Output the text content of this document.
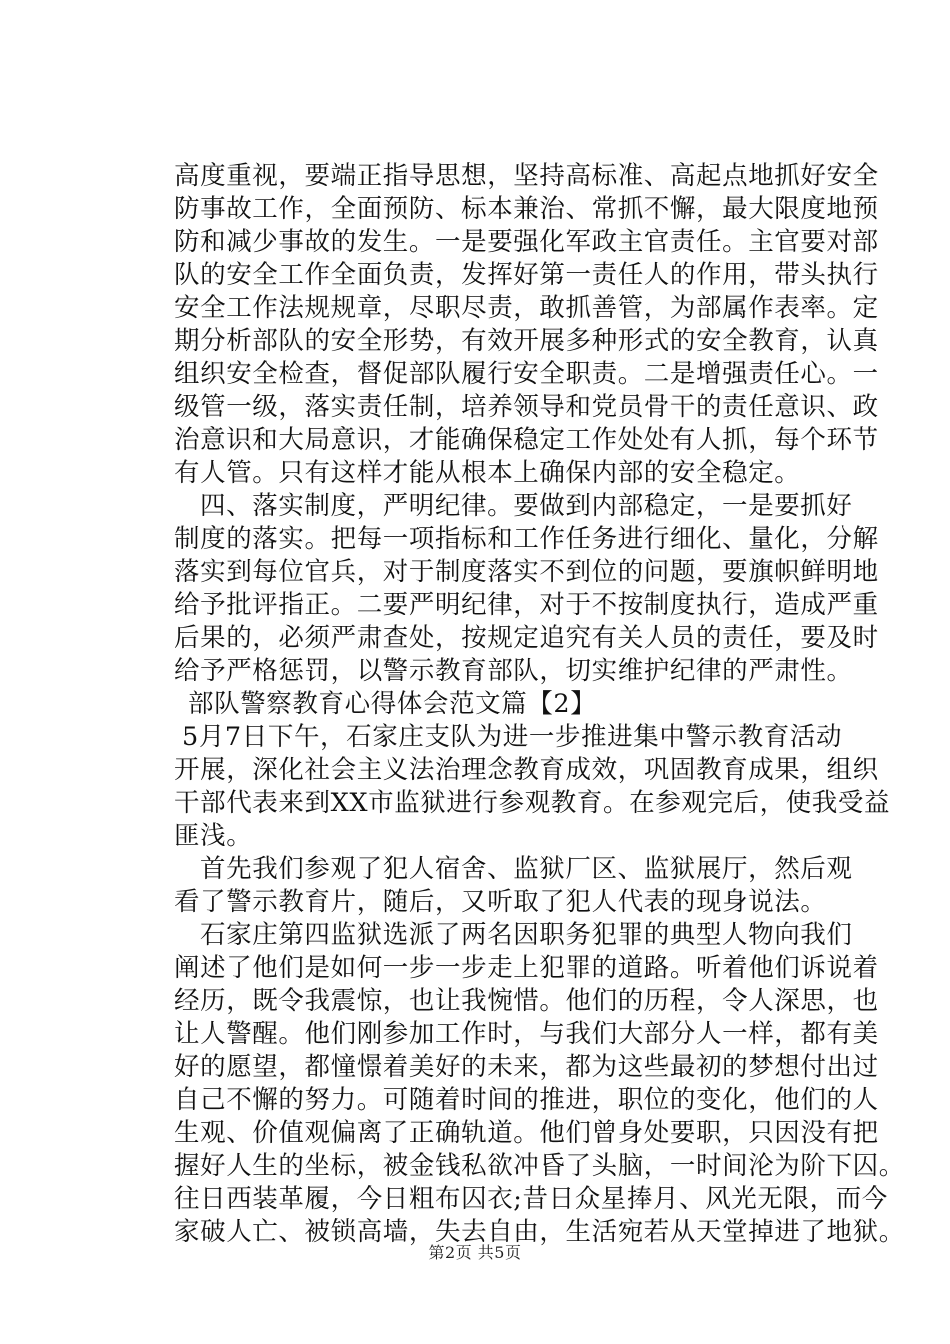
高度重视，要端正指导思想，坚持高标准、高起点地抓好安全
防事故工作，全面预防、标本兼治、常抓不懈，最大限度地预
防和减少事故的发生。一是要强化军政主官责任。主官要对部
队的安全工作全面负责，发挥好第一责任人的作用，带头执行
安全工作法规规章，尽职尽责，敢抓善管，为部属作表率。定
期分析部队的安全形势，有效开展多种形式的安全教育，认真
组织安全检查，督促部队履行安全职责。二是增强责任心。一
级管一级，落实责任制，培养领导和党员骨干的责任意识、政
治意识和大局意识，才能确保稳定工作处处有人抓，每个环节
有人管。只有这样才能从根本上确保内部的安全稳定。
四、落实制度，严明纪律。要做到内部稳定，一是要抓好
制度的落实。把每一项指标和工作任务进行细化、量化，分解
落实到每位官兵，对于制度落实不到位的问题，要旗帜鲜明地
给予批评指正。二要严明纪律，对于不按制度执行，造成严重
后果的，必须严肃查处，按规定追究有关人员的责任，要及时
给予严格惩罚，以警示教育部队，切实维护纪律的严肃性。
部队警察教育心得体会范文篇【2】
5月7日下午，石家庄支队为进一步推进集中警示教育活动
开展，深化社会主义法治理念教育成效，巩固教育成果，组织
干部代表来到XX市监狱进行参观教育。在参观完后，使我受益
匪浅。
首先我们参观了犯人宿舍、监狱厂区、监狱展厅，然后观
看了警示教育片，随后，又听取了犯人代表的现身说法。
石家庄第四监狱选派了两名因职务犯罪的典型人物向我们
阐述了他们是如何一步一步走上犯罪的道路。听着他们诉说着
经历，既令我震惊，也让我惋惜。他们的历程，令人深思，也
让人警醒。他们刚参加工作时，与我们大部分人一样，都有美
好的愿望，都憧憬着美好的未来，都为这些最初的梦想付出过
自己不懈的努力。可随着时间的推进，职位的变化，他们的人
生观、价值观偏离了正确轨道。他们曾身处要职，只因没有把
握好人生的坐标，被金钱私欲冲昏了头脑，一时间沦为阶下囚。
往日西装革履，今日粗布囚衣;昔日众星捧月、风光无限，而今
家破人亡、被锁高墙，失去自由，生活宛若从天堂掉进了地狱。
第2页 共5页
